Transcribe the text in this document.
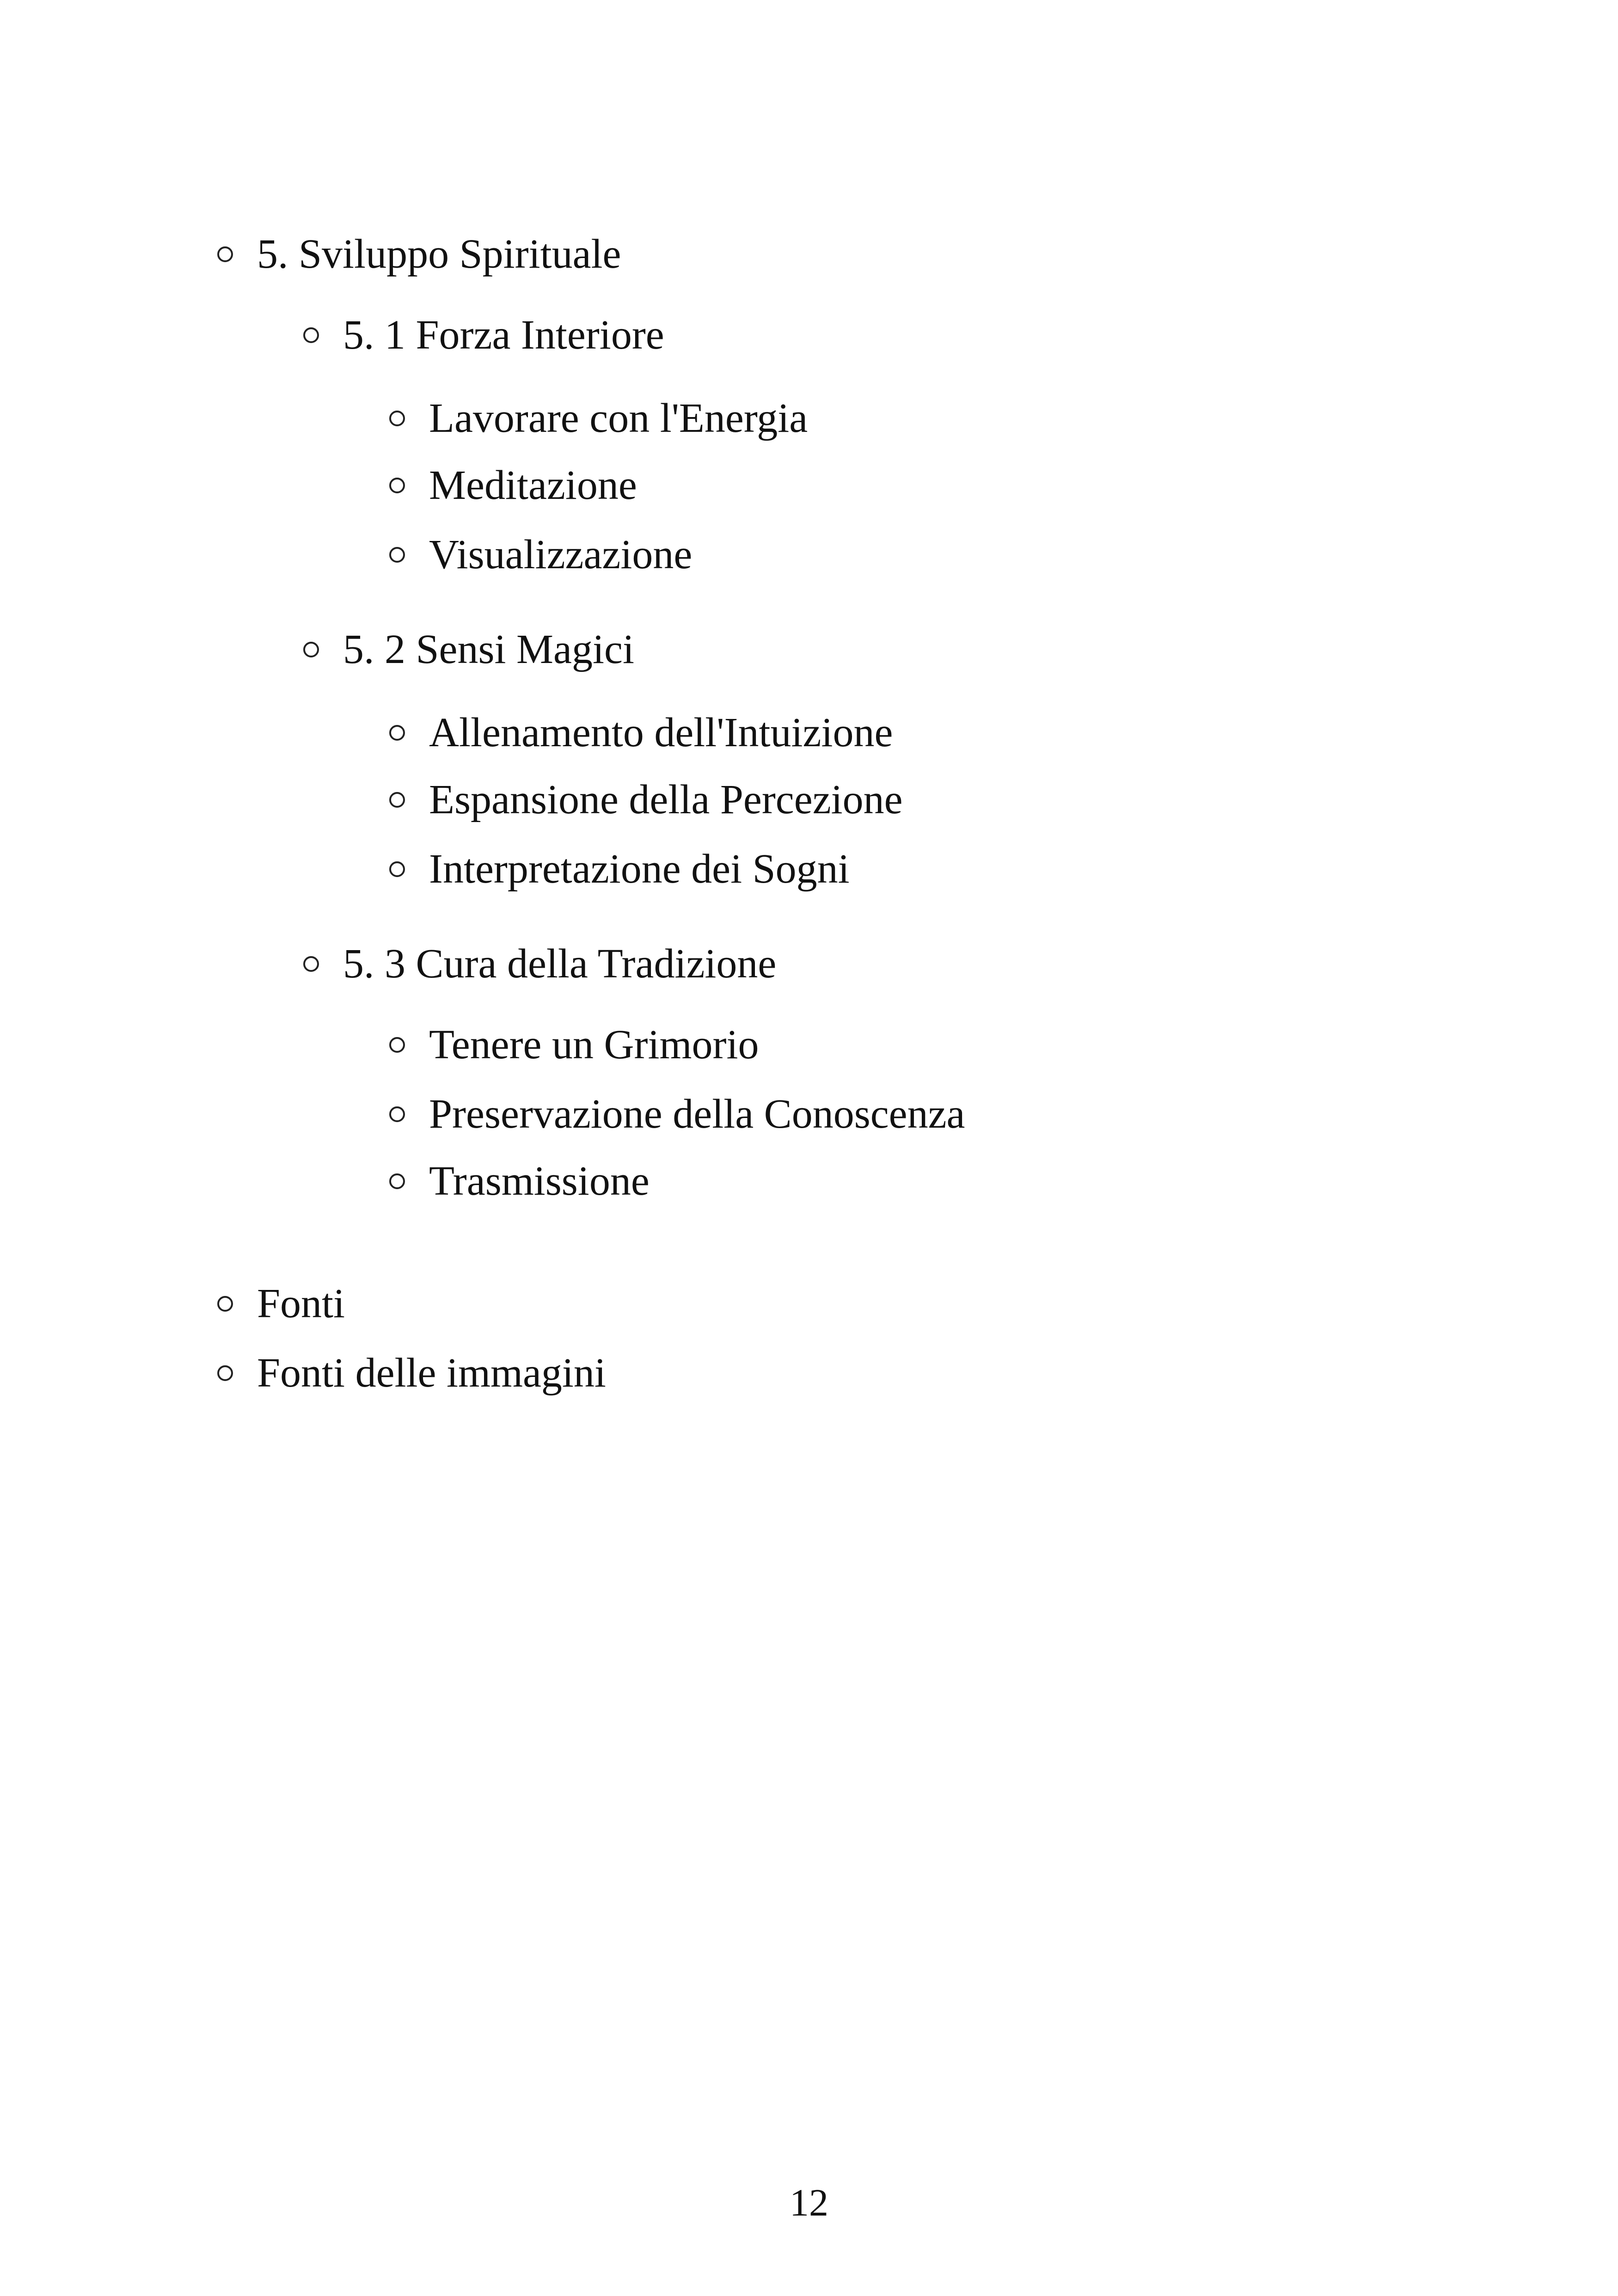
5. Sviluppo Spirituale
5. 1 Forza Interiore
Lavorare con l'Energia
Meditazione
Visualizzazione
5. 2 Sensi Magici
Allenamento dell'Intuizione
Espansione della Percezione
Interpretazione dei Sogni
5. 3 Cura della Tradizione
Tenere un Grimorio
Preservazione della Conoscenza
Trasmissione
Fonti
Fonti delle immagini
12
